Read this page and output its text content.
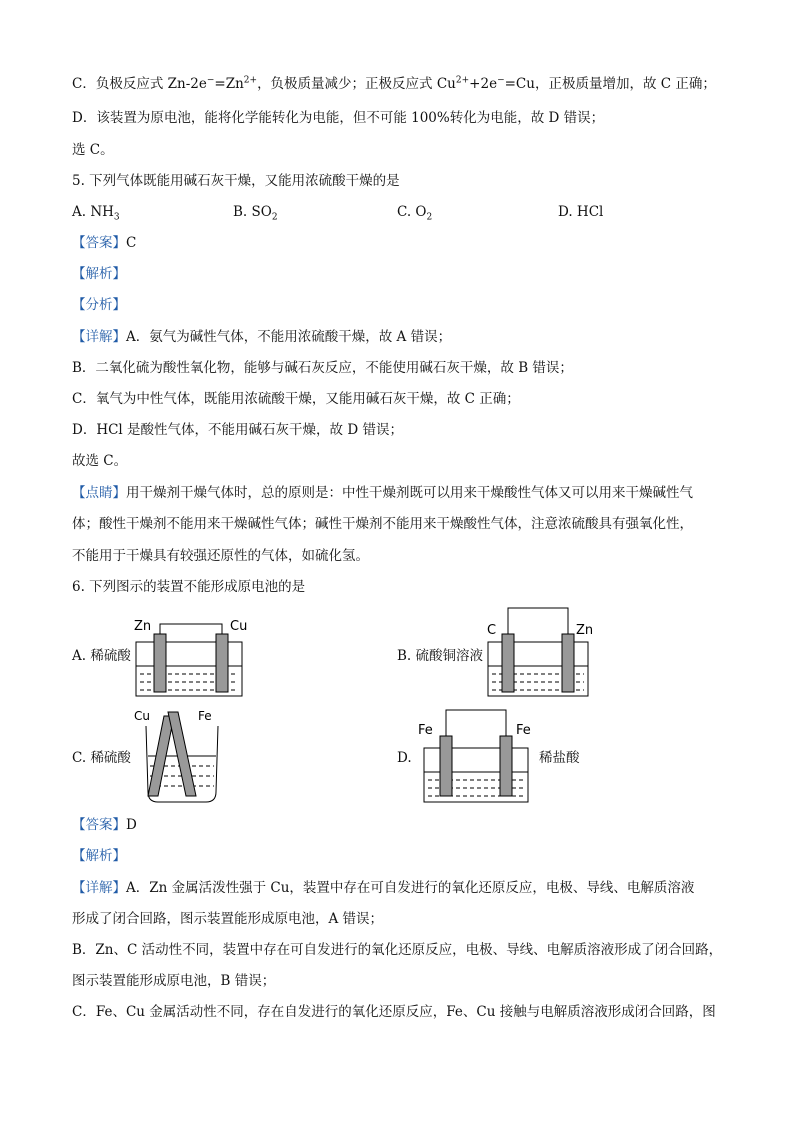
C．负极反应式 $Zn-2e^-=Zn^{2+}$，负极质量减少；正极反应式 $Cu^{2+}+2e^-=Cu$，正极质量增加，故 C 正确；
D．该装置为原电池，能将化学能转化为电能，但不可能 100%转化为电能，故 D 错误；
选 C。
5. 下列气体既能用碱石灰干燥，又能用浓硫酸干燥的是
A. $NH_3$	B. $SO_2$	C. $O_2$	D. HCl
【答案】C
【解析】
【分析】
【详解】A．氨气为碱性气体，不能用浓硫酸干燥，故 A 错误；
B．二氧化硫为酸性氧化物，能够与碱石灰反应，不能使用碱石灰干燥，故 B 错误；
C．氧气为中性气体，既能用浓硫酸干燥，又能用碱石灰干燥，故 C 正确；
D．HCl 是酸性气体，不能用碱石灰干燥，故 D 错误；
故选 C。
【点睛】用干燥剂干燥气体时，总的原则是：中性干燥剂既可以用来干燥酸性气体又可以用来干燥碱性气
体；酸性干燥剂不能用来干燥碱性气体；碱性干燥剂不能用来干燥酸性气体，注意浓硫酸具有强氧化性，
不能用于干燥具有较强还原性的气体，如硫化氢。
6. 下列图示的装置不能形成原电池的是
A. 稀硫酸
Zn	Cu
B. 硫酸铜溶液
C	Zn
C. 稀硫酸
Cu	Fe
D.
Fe	Fe
稀盐酸
【答案】D
【解析】
【详解】A．Zn 金属活泼性强于 Cu，装置中存在可自发进行的氧化还原反应，电极、导线、电解质溶液
形成了闭合回路，图示装置能形成原电池，A 错误；
B．Zn、C 活动性不同，装置中存在可自发进行的氧化还原反应，电极、导线、电解质溶液形成了闭合回路，
图示装置能形成原电池，B 错误；
C．Fe、Cu 金属活动性不同，存在自发进行的氧化还原反应，Fe、Cu 接触与电解质溶液形成闭合回路，图
